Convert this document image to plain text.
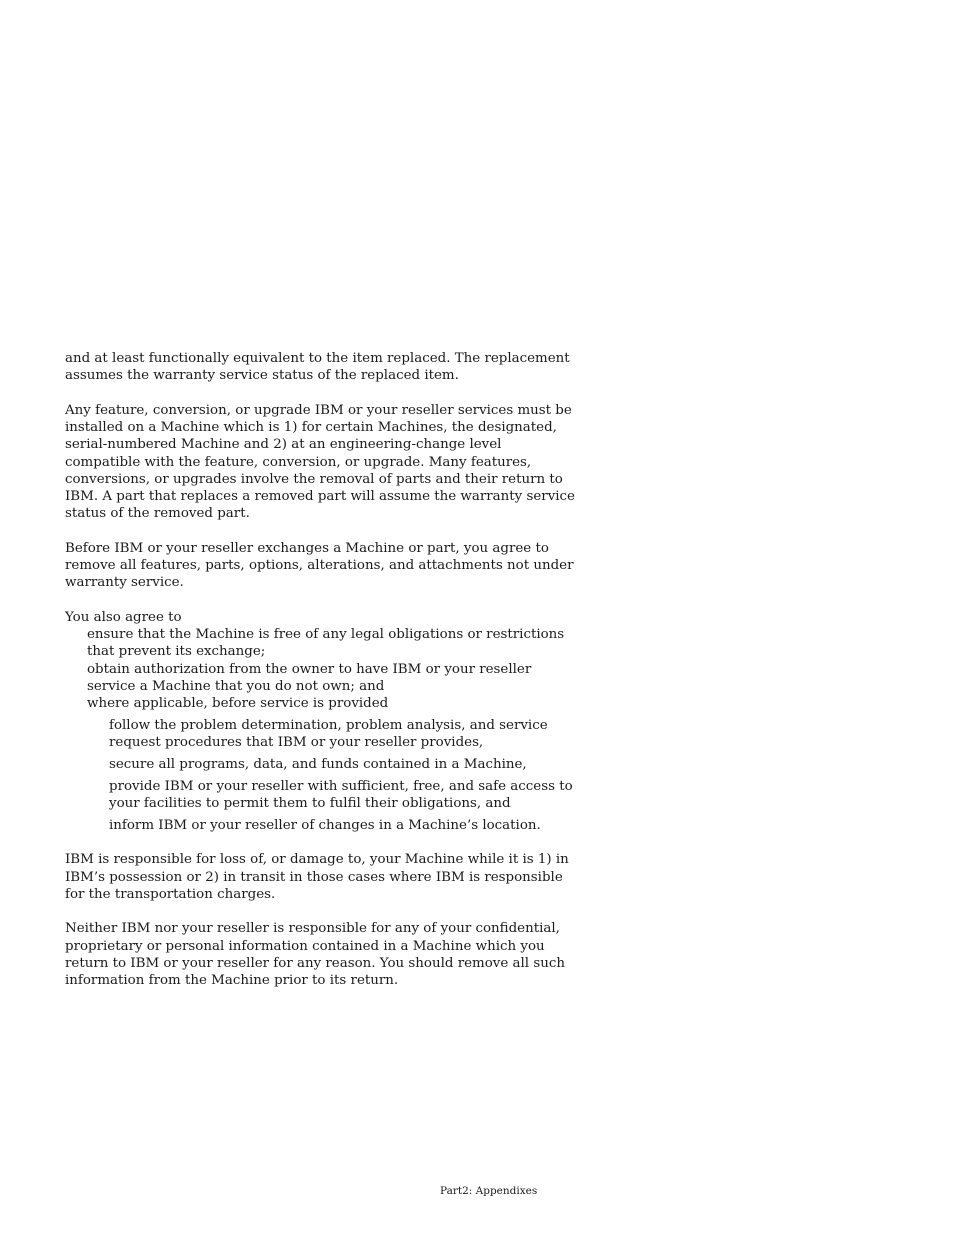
and at least functionally equivalent to the item replaced. The replacement assumes the warranty service status of the replaced item.

Any feature, conversion, or upgrade IBM or your reseller services must be installed on a Machine which is 1) for certain Machines, the designated, serial-numbered Machine and 2) at an engineering-change level compatible with the feature, conversion, or upgrade. Many features, conversions, or upgrades involve the removal of parts and their return to IBM. A part that replaces a removed part will assume the warranty service status of the removed part.

Before IBM or your reseller exchanges a Machine or part, you agree to remove all features, parts, options, alterations, and attachments not under warranty service.

You also agree to

ensure that the Machine is free of any legal obligations or restrictions that prevent its exchange;

obtain authorization from the owner to have IBM or your reseller service a Machine that you do not own; and

where applicable, before service is provided

follow the problem determination, problem analysis, and service request procedures that IBM or your reseller provides,

secure all programs, data, and funds contained in a Machine,

provide IBM or your reseller with sufficient, free, and safe access to your facilities to permit them to fulfil their obligations, and

inform IBM or your reseller of changes in a Machine’s location.

IBM is responsible for loss of, or damage to, your Machine while it is 1) in IBM’s possession or 2) in transit in those cases where IBM is responsible for the transportation charges.

Neither IBM nor your reseller is responsible for any of your confidential, proprietary or personal information contained in a Machine which you return to IBM or your reseller for any reason. You should remove all such information from the Machine prior to its return.

Part2: Appendixes
